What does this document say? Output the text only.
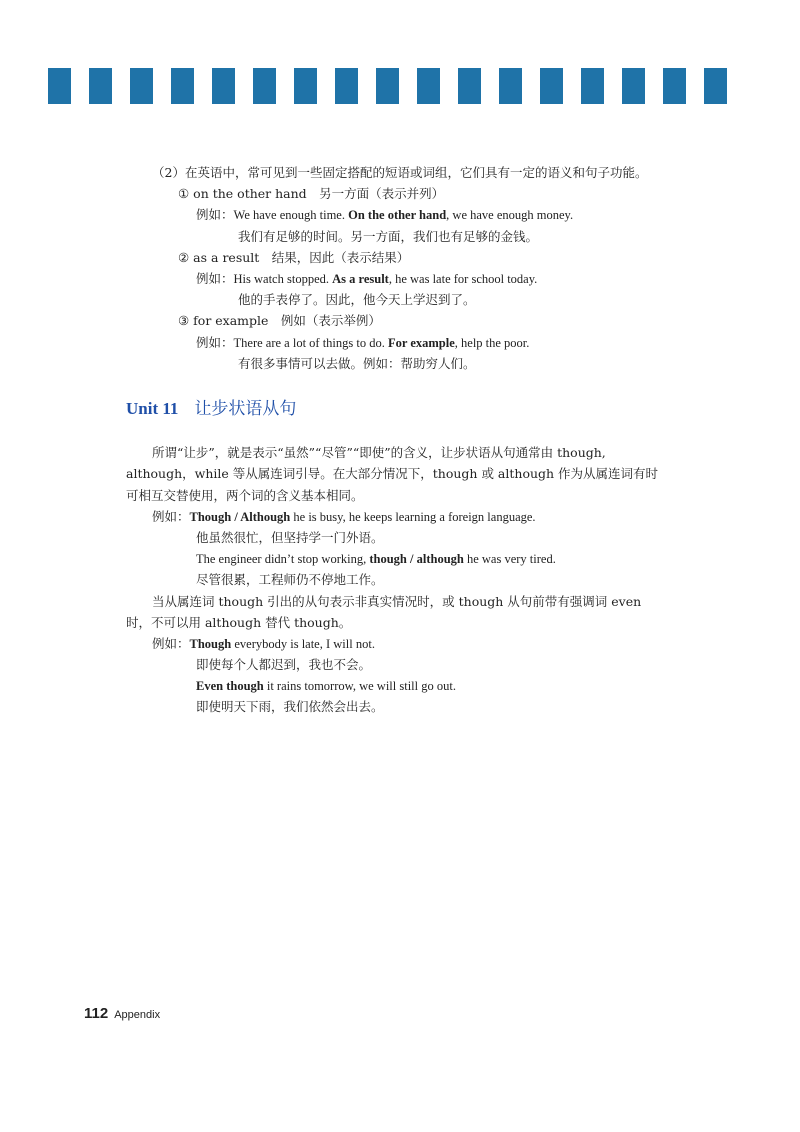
（2）在英语中，常可见到一些固定搭配的短语或词组，它们具有一定的语义和句子功能。
① on the other hand　另一方面（表示并列）
例如：We have enough time. On the other hand, we have enough money.
我们有足够的时间。另一方面，我们也有足够的金钱。
② as a result　结果，因此（表示结果）
例如：His watch stopped. As a result, he was late for school today.
他的手表停了。因此，他今天上学迟到了。
③ for example　例如（表示举例）
例如：There are a lot of things to do. For example, help the poor.
有很多事情可以去做。例如：帮助穷人们。
Unit 11 让步状语从句
所谓“让步”，就是表示“虽然”“尽管”“即使”的含义，让步状语从句通常由 though,
although，while 等从属连词引导。在大部分情况下，though 或 although 作为从属连词有时
可相互交替使用，两个词的含义基本相同。
例如：Though / Although he is busy, he keeps learning a foreign language.
他虽然很忙，但坚持学一门外语。
The engineer didn’t stop working, though / although he was very tired.
尽管很累，工程师仍不停地工作。
当从属连词 though 引出的从句表示非真实情况时，或 though 从句前带有强调词 even
时，不可以用 although 替代 though。
例如：Though everybody is late, I will not.
即使每个人都迟到，我也不会。
Even though it rains tomorrow, we will still go out.
即使明天下雨，我们依然会出去。
112 Appendix
